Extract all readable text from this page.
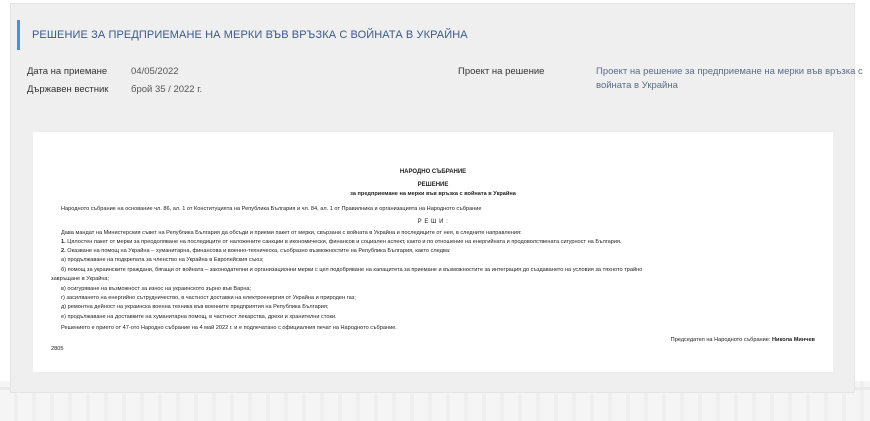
РЕШЕНИЕ ЗА ПРЕДПРИЕМАНЕ НА МЕРКИ ВЪВ ВРЪЗКА С ВОЙНАТА В УКРАЙНА
Дата на приемане	04/05/2022
Държавен вестник брой 35 / 2022 г.
Проект на решение	Проект на решение за предприемане на мерки във връзка с
войната в Украйна
НАРОДНО СЪБРАНИЕ
РЕШЕНИЕ
за предприемане на мерки във връзка с войната в Украйна
Народното събрание на основание чл. 86, ал. 1 от Конституцията на Република България и чл. 84, ал. 1 от Правилника и организацията на Народното събрание
Р Е Ш И :
Дава мандат на Министерския съвет на Република България да обсъди и приеми пакет от мерки, свързани с войната в Украйна и последиците от нея, в следните направления:
1. Цялостен пакет от мерки за преодоляване на последиците от наложените санкции в икономически, финансов и социален аспект, както и по отношение на енергийната и продоволствената сигурност на България.
2. Оказване на помощ на Украйна – хуманитарна, финансова и военно-техническа, съобразно възможностите на Република България, както следва:
а) продължаване на подкрепата за членство на Украйна в Европейския съюз;
б) помощ за украинските граждани, бягащи от войната – законодателни и организационни мерки с цел подобряване на капацитета за приемане и възможностите за интеграция до създаването на условия за тяхното трайно
завръщане в Украйна;
в) осигуряване на възможност за износ на украинското зърно във Варна;
г) засилването на енергийно сътрудничество, в частност доставки на електроенергия от Украйна и природен газ;
д) ремонтна дейност на украинска военна техника във военните предприятия на Република България;
е) продължаване на доставките на хуманитарна помощ, в частност лекарства, дрехи и хранителни стоки.
Решението е прието от 47-ото Народно събрание на 4 май 2022 г. и е подпечатано с официалния печат на Народното събрание.
Председател на Народното събрание: Никола Минчев
2805
